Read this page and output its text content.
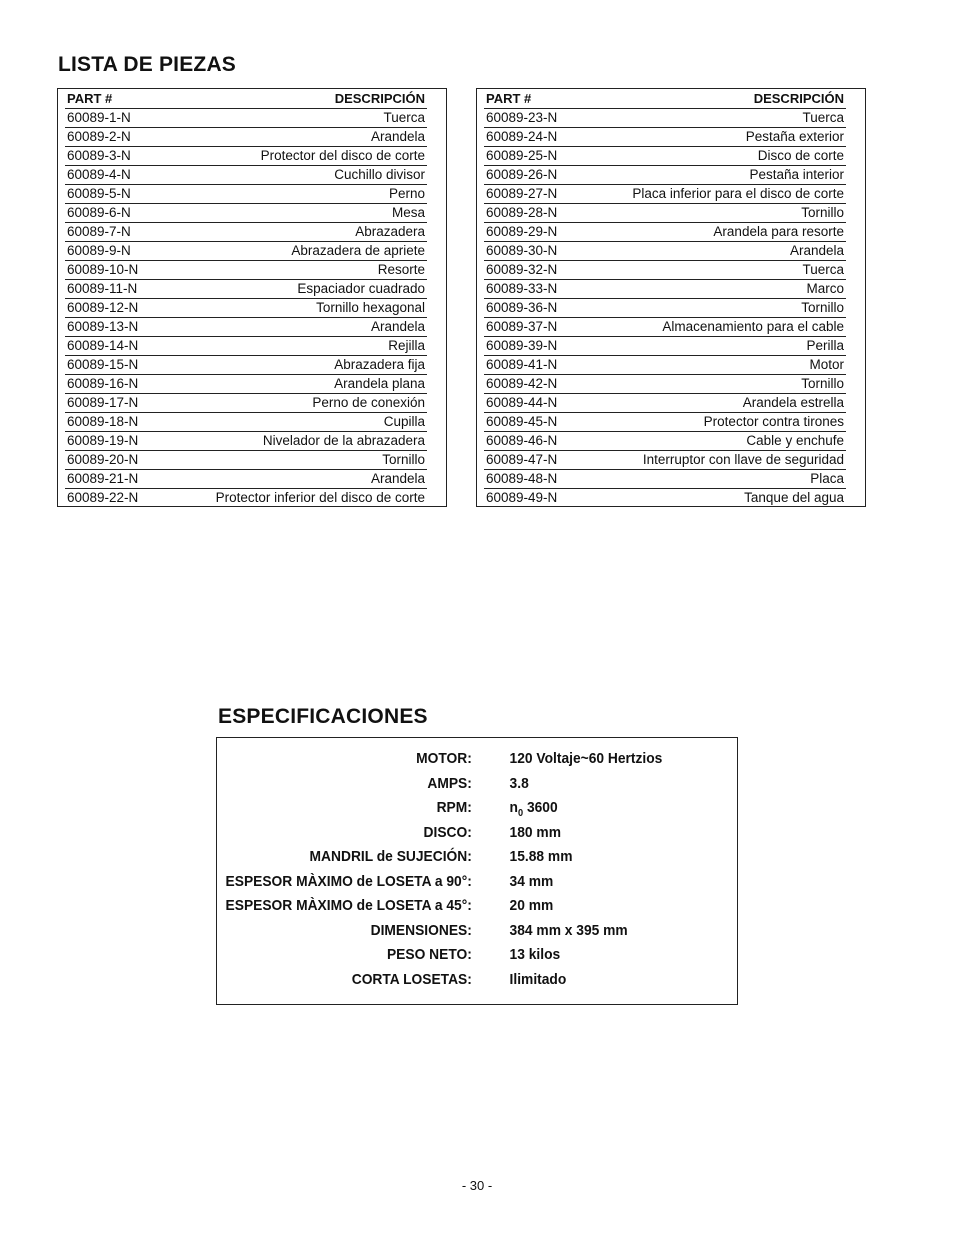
LISTA DE PIEZAS
PART #	DESCRIPCIÓN	
60089-1-N	Tuerca	
60089-2-N	Arandela	
60089-3-N	Protector del disco de corte	
60089-4-N	Cuchillo divisor	
60089-5-N	Perno	
60089-6-N	Mesa	
60089-7-N	Abrazadera	
60089-9-N	Abrazadera de apriete	
60089-10-N	Resorte	
60089-11-N	Espaciador cuadrado	
60089-12-N	Tornillo hexagonal	
60089-13-N	Arandela	
60089-14-N	Rejilla	
60089-15-N	Abrazadera fija	
60089-16-N	Arandela plana	
60089-17-N	Perno de conexión	
60089-18-N	Cupilla	
60089-19-N	Nivelador de la abrazadera	
60089-20-N	Tornillo	
60089-21-N	Arandela	
60089-22-N	Protector inferior del disco de corte	
PART #	DESCRIPCIÓN	
60089-23-N	Tuerca	
60089-24-N	Pestaña exterior	
60089-25-N	Disco de corte	
60089-26-N	Pestaña interior	
60089-27-N	Placa inferior para el disco de corte	
60089-28-N	Tornillo	
60089-29-N	Arandela para resorte	
60089-30-N	Arandela	
60089-32-N	Tuerca	
60089-33-N	Marco	
60089-36-N	Tornillo	
60089-37-N	Almacenamiento para el cable	
60089-39-N	Perilla	
60089-41-N	Motor	
60089-42-N	Tornillo	
60089-44-N	Arandela estrella	
60089-45-N	Protector contra tirones	
60089-46-N	Cable y enchufe	
60089-47-N	Interruptor con llave de seguridad	
60089-48-N	Placa	
60089-49-N	Tanque del agua	
ESPECIFICACIONES
MOTOR:	120 Voltaje~60 Hertzios
AMPS:	3.8
RPM:	$n_0$ 3600
DISCO:	180 mm
MANDRIL de SUJECIÓN:	15.88 mm
ESPESOR MÀXIMO de LOSETA a 90°:	34 mm
ESPESOR MÀXIMO de LOSETA a 45°:	20 mm
DIMENSIONES:	384 mm x 395 mm
PESO NETO:	13 kilos
CORTA LOSETAS:	Ilimitado
- 30 -
